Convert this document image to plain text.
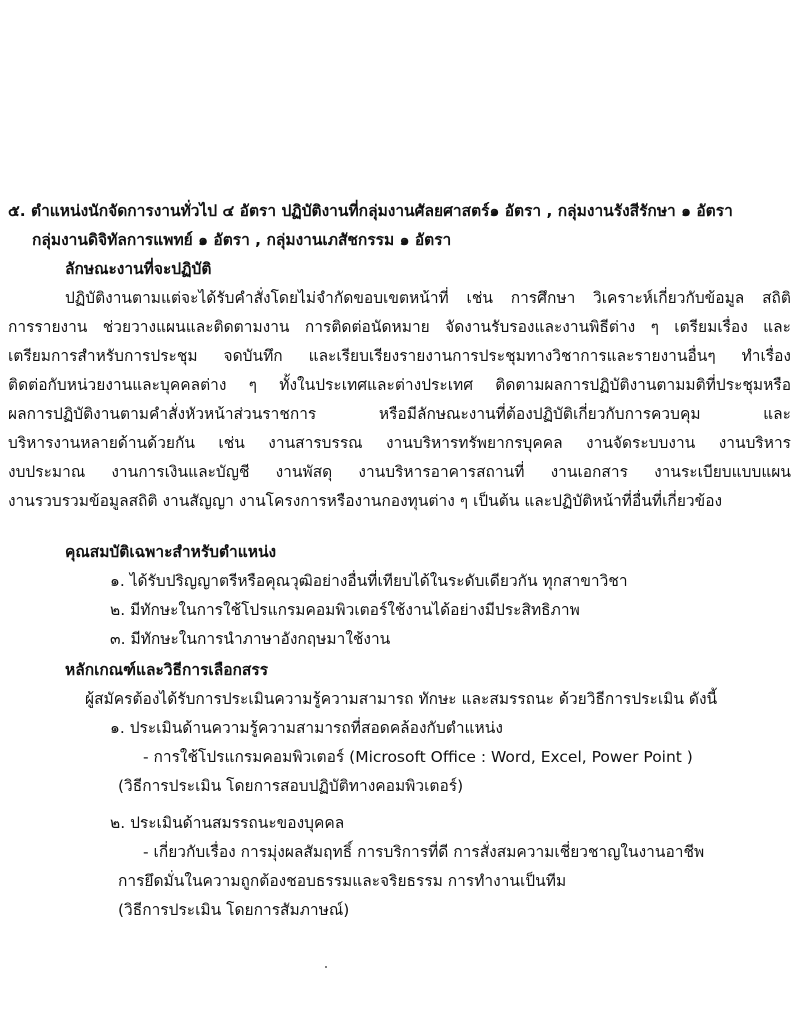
๕. ตำแหน่งนักจัดการงานทั่วไป ๔ อัตรา ปฏิบัติงานที่กลุ่มงานศัลยศาสตร์๑ อัตรา , กลุ่มงานรังสีรักษา ๑ อัตรา
กลุ่มงานดิจิทัลการแพทย์ ๑ อัตรา , กลุ่มงานเภสัชกรรม ๑ อัตรา
ลักษณะงานที่จะปฏิบัติ
ปฏิบัติงานตามแต่จะได้รับคำสั่งโดยไม่จำกัดขอบเขตหน้าที่ เช่น การศึกษา วิเคราะห์เกี่ยวกับข้อมูล สถิติ
การรายงาน ช่วยวางแผนและติดตามงาน การติดต่อนัดหมาย จัดงานรับรองและงานพิธีต่าง ๆ เตรียมเรื่อง และ
เตรียมการสำหรับการประชุม จดบันทึก และเรียบเรียงรายงานการประชุมทางวิชาการและรายงานอื่นๆ ทำเรื่อง
ติดต่อกับหน่วยงานและบุคคลต่าง ๆ ทั้งในประเทศและต่างประเทศ ติดตามผลการปฏิบัติงานตามมติที่ประชุมหรือ
ผลการปฏิบัติงานตามคำสั่งหัวหน้าส่วนราชการ หรือมีลักษณะงานที่ต้องปฏิบัติเกี่ยวกับการควบคุม และ
บริหารงานหลายด้านด้วยกัน เช่น งานสารบรรณ งานบริหารทรัพยากรบุคคล งานจัดระบบงาน งานบริหาร
งบประมาณ งานการเงินและบัญชี งานพัสดุ งานบริหารอาคารสถานที่ งานเอกสาร งานระเบียบแบบแผน
งานรวบรวมข้อมูลสถิติ งานสัญญา งานโครงการหรืองานกองทุนต่าง ๆ เป็นต้น และปฏิบัติหน้าที่อื่นที่เกี่ยวข้อง
คุณสมบัติเฉพาะสำหรับตำแหน่ง
๑. ได้รับปริญญาตรีหรือคุณวุฒิอย่างอื่นที่เทียบได้ในระดับเดียวกัน ทุกสาขาวิชา
๒. มีทักษะในการใช้โปรแกรมคอมพิวเตอร์ใช้งานได้อย่างมีประสิทธิภาพ
๓. มีทักษะในการนำภาษาอังกฤษมาใช้งาน
หลักเกณฑ์และวิธีการเลือกสรร
ผู้สมัครต้องได้รับการประเมินความรู้ความสามารถ ทักษะ และสมรรถนะ ด้วยวิธีการประเมิน ดังนี้
๑. ประเมินด้านความรู้ความสามารถที่สอดคล้องกับตำแหน่ง
- การใช้โปรแกรมคอมพิวเตอร์ (Microsoft Office : Word, Excel, Power Point )
(วิธีการประเมิน โดยการสอบปฏิบัติทางคอมพิวเตอร์)
๒. ประเมินด้านสมรรถนะของบุคคล
- เกี่ยวกับเรื่อง การมุ่งผลสัมฤทธิ์ การบริการที่ดี การสั่งสมความเชี่ยวชาญในงานอาชีพ
การยึดมั่นในความถูกต้องชอบธรรมและจริยธรรม การทำงานเป็นทีม
(วิธีการประเมิน โดยการสัมภาษณ์)
